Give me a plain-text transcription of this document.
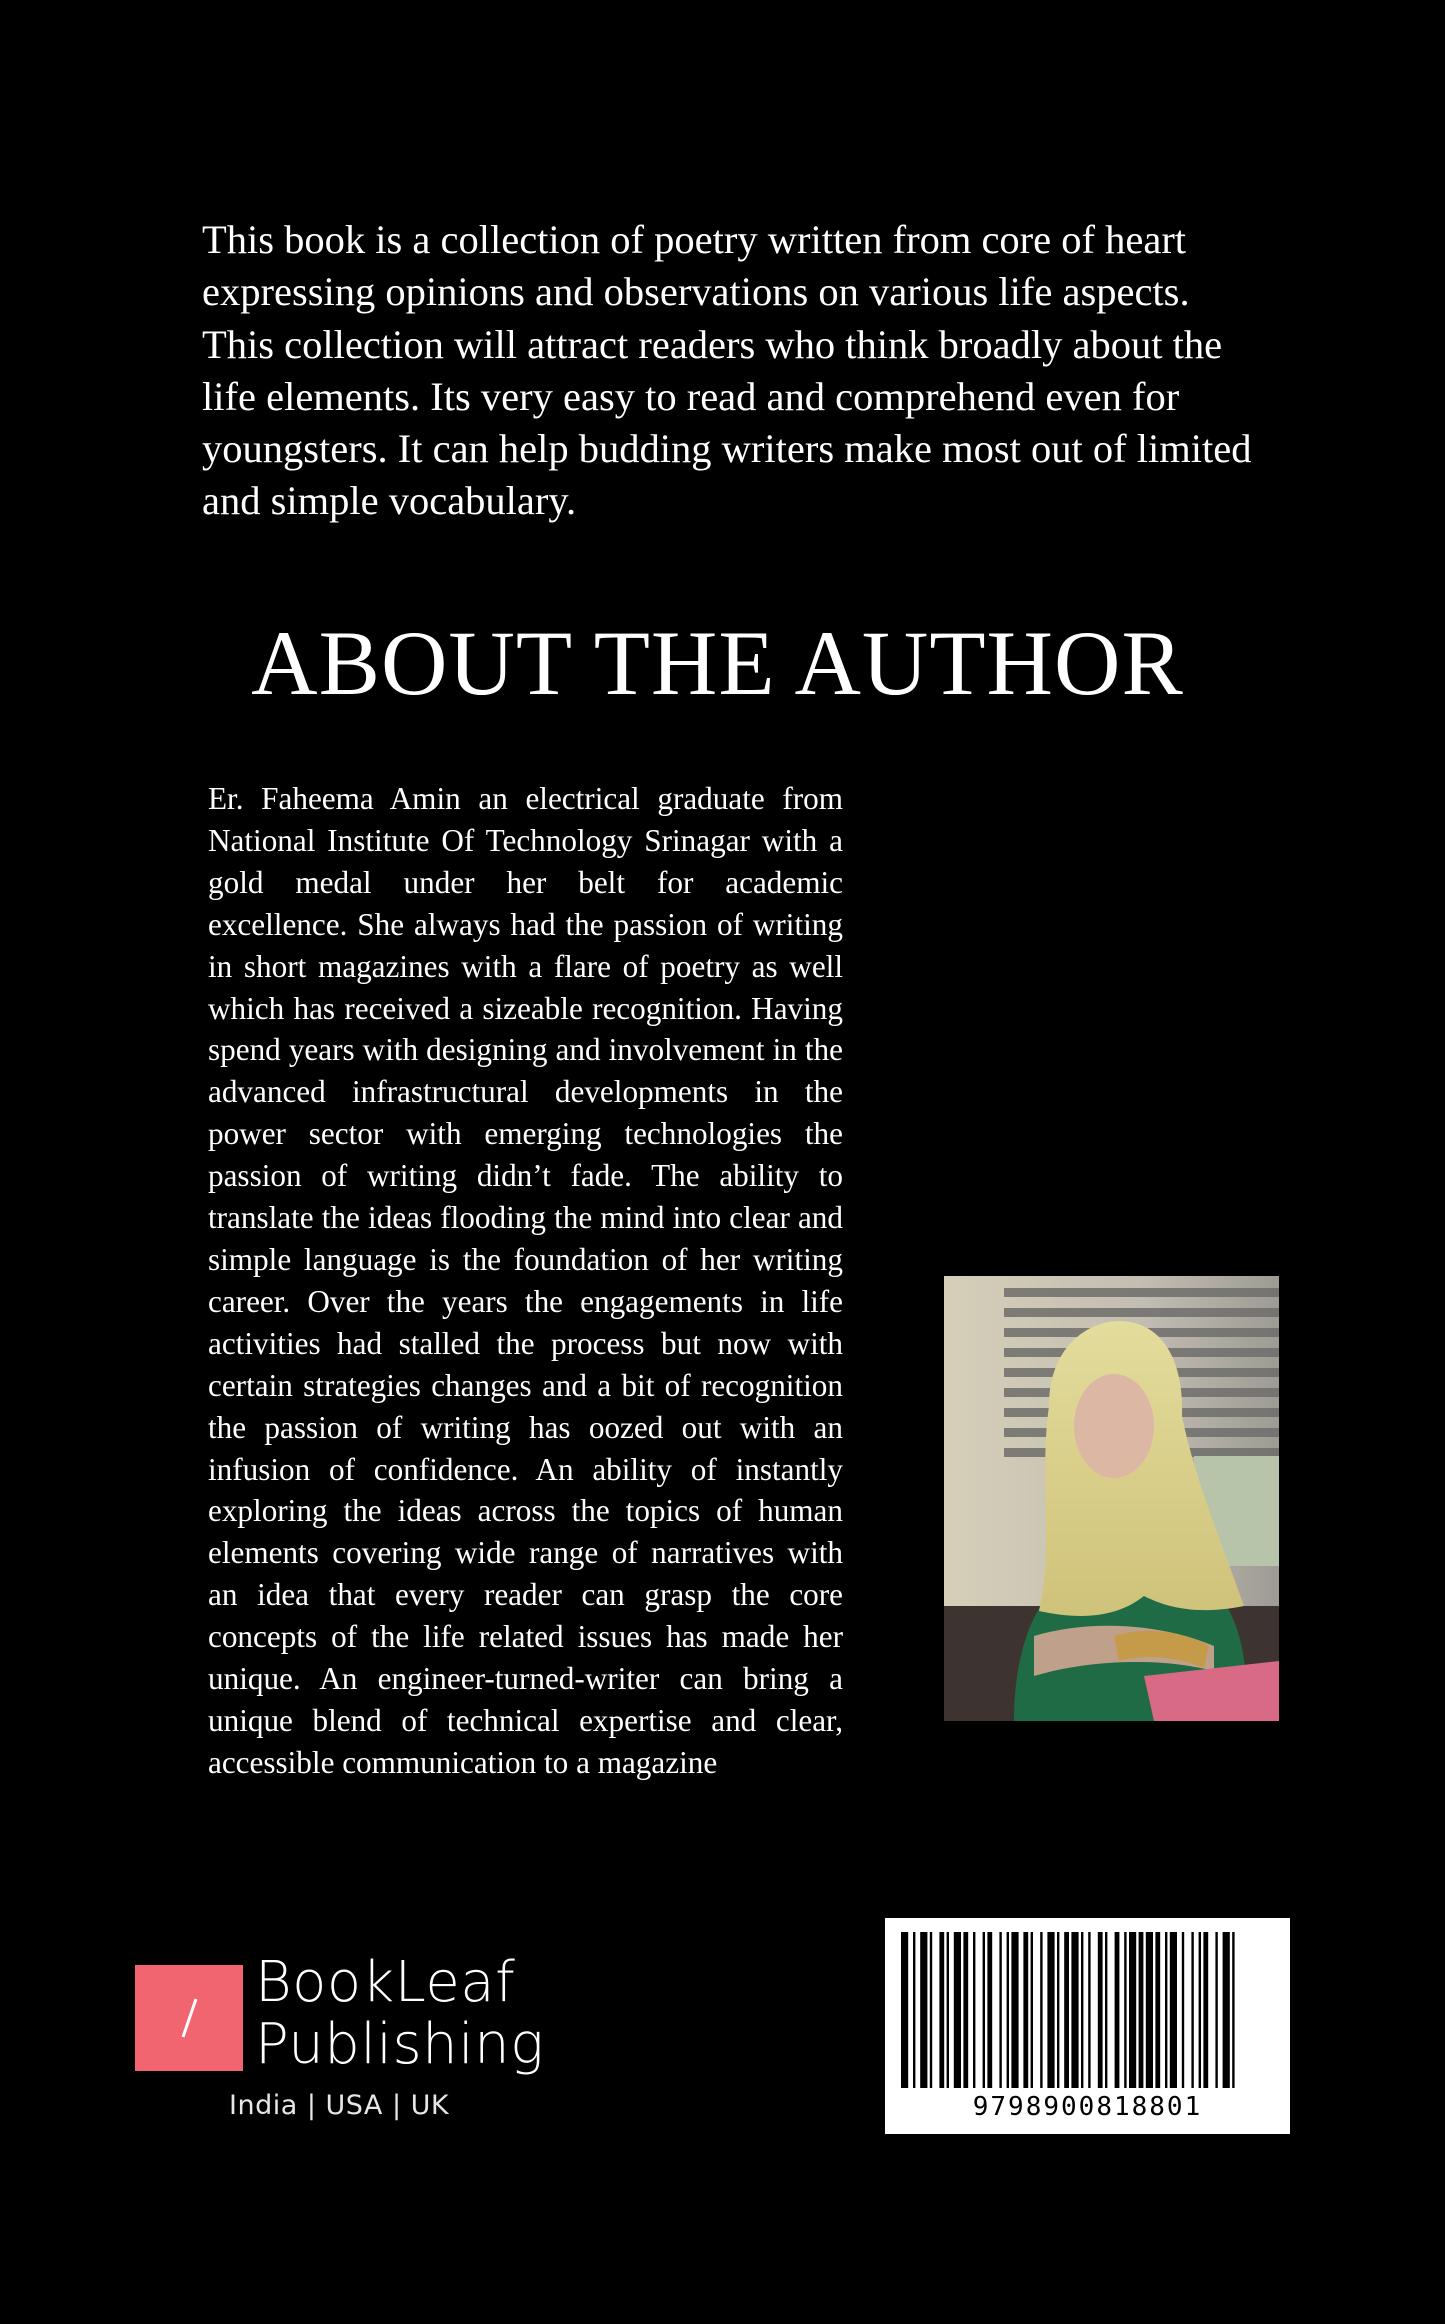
This book is a collection of poetry written from core of heart expressing opinions and observations on various life aspects. This collection will attract readers who think broadly about the life elements. Its very easy to read and comprehend even for youngsters. It can help budding writers make most out of limited and simple vocabulary.

ABOUT THE AUTHOR

Er. Faheema Amin an electrical graduate from National Institute Of Technology Srinagar with a gold medal under her belt for academic excellence. She always had the passion of writing in short magazines with a flare of poetry as well which has received a sizeable recognition. Having spend years with designing and involvement in the advanced infrastructural developments in the power sector with emerging technologies the passion of writing didn’t fade. The ability to translate the ideas flooding the mind into clear and simple language is the foundation of her writing career. Over the years the engagements in life activities had stalled the process but now with certain strategies changes and a bit of recognition the passion of writing has oozed out with an infusion of confidence. An ability of instantly exploring the ideas across the topics of human elements covering wide range of narratives with an idea that every reader can grasp the core concepts of the life related issues has made her unique. An engineer-turned-writer can bring a unique blend of technical expertise and clear, accessible communication to a magazine

BookLeaf
Publishing
India | USA | UK	9798900818801
